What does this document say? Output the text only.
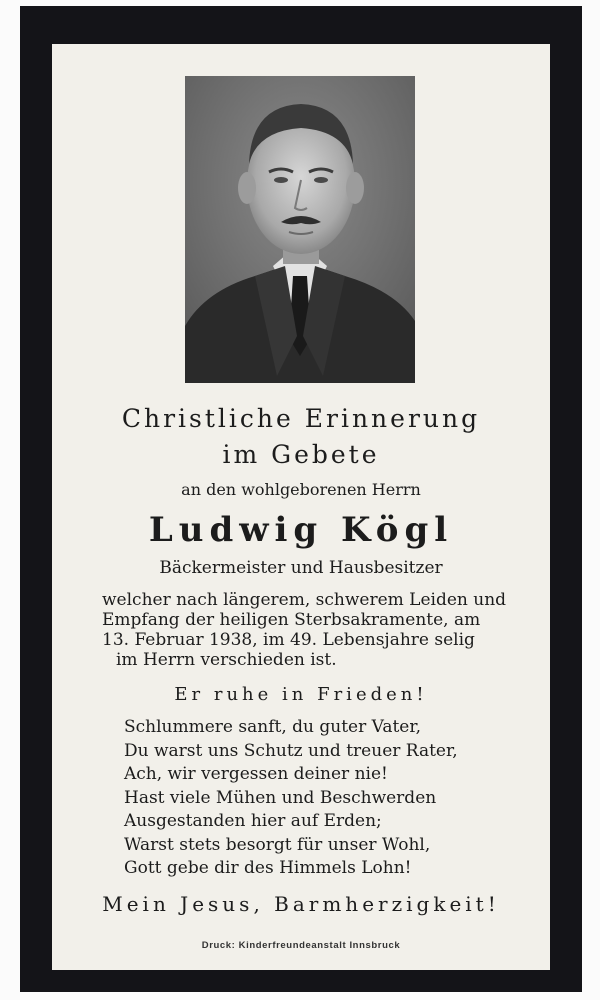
Christliche Erinnerung
im Gebete
an den wohlgeborenen Herrn
Ludwig Kögl
Bäckermeister und Hausbesitzer
welcher nach längerem, schwerem Leiden und
Empfang der heiligen Sterbsakramente, am
13. Februar 1938, im 49. Lebensjahre selig
im Herrn verschieden ist.
Er ruhe in Frieden!
Schlummere sanft, du guter Vater,
Du warst uns Schutz und treuer Rater,
Ach, wir vergessen deiner nie!
Hast viele Mühen und Beschwerden
Ausgestanden hier auf Erden;
Warst stets besorgt für unser Wohl,
Gott gebe dir des Himmels Lohn!
Mein Jesus, Barmherzigkeit!
Druck: Kinderfreundeanstalt Innsbruck
